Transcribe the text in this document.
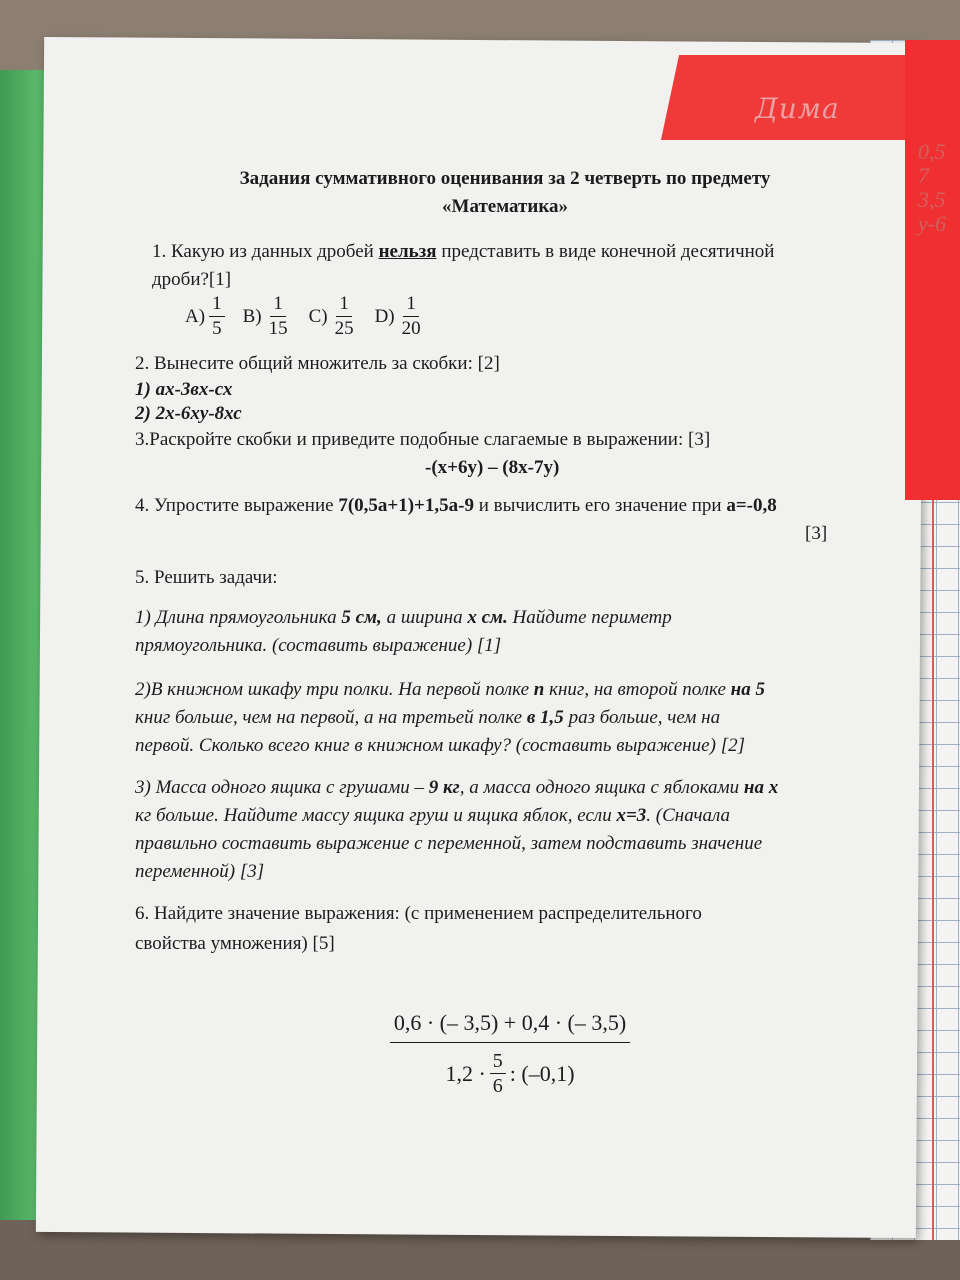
Задания суммативного оценивания за 2 четверть по предмету
«Математика»
1. Какую из данных дробей нельзя представить в виде конечной десятичной
дроби?[1]
$A) \frac{1}{5} B) \frac{1}{15} C) \frac{1}{25} D) \frac{1}{20}$
2. Вынесите общий множитель за скобки: [2]
1) ах-3вх-сх
2) 2х-6ху-8хс
3.Раскройте скобки и приведите подобные слагаемые в выражении: [3]
-(x+6y) – (8x-7y)
4. Упростите выражение 7(0,5a+1)+1,5a-9 и вычислить его значение при a=-0,8
[3]
5. Решить задачи:
1) Длина прямоугольника 5 см, а ширина x см. Найдите периметр
прямоугольника. (составить выражение) [1]
2)В книжном шкафу три полки. На первой полке n книг, на второй полке на 5
книг больше, чем на первой, а на третьей полке в 1,5 раз больше, чем на
первой. Сколько всего книг в книжном шкафу? (составить выражение) [2]
3) Масса одного ящика с грушами – 9 кг, а масса одного ящика с яблоками на x
кг больше. Найдите массу ящика груш и ящика яблок, если x=3. (Сначала
правильно составить выражение с переменной, затем подставить значение
переменной) [3]
6. Найдите значение выражения: (с применением распределительного
свойства умножения) [5]
$\frac{0,6 \cdot (- 3,5) + 0,4 \cdot (- 3,5)}{1,2 \cdot \frac{5}{6} : (-0,1)}$
Дима
0,5
7
3,5
у-6
